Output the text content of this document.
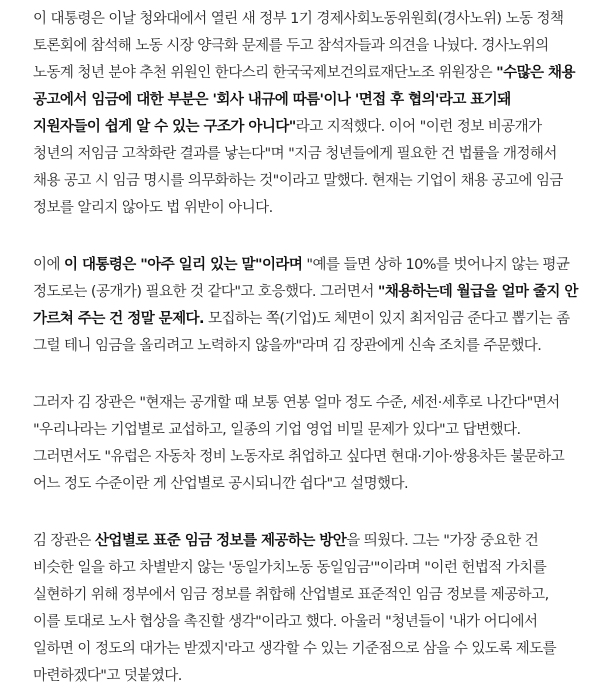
이 대통령은 이날 청와대에서 열린 새 정부 1기 경제사회노동위원회(경사노위) 노동 정책 토론회에 참석해 노동 시장 양극화 문제를 두고 참석자들과 의견을 나눴다. 경사노위의 노동계 청년 분야 추천 위원인 한다스리 한국국제보건의료재단노조 위원장은 "수많은 채용 공고에서 임금에 대한 부분은 '회사 내규에 따름'이나 '면접 후 협의'라고 표기돼 지원자들이 쉽게 알 수 있는 구조가 아니다"라고 지적했다. 이어 "이런 정보 비공개가 청년의 저임금 고착화란 결과를 낳는다"며 "지금 청년들에게 필요한 건 법률을 개정해서 채용 공고 시 임금 명시를 의무화하는 것"이라고 말했다. 현재는 기업이 채용 공고에 임금 정보를 알리지 않아도 법 위반이 아니다.

이에 이 대통령은 "아주 일리 있는 말"이라며 "예를 들면 상하 10%를 벗어나지 않는 평균 정도로는 (공개가) 필요한 것 같다"고 호응했다. 그러면서 "채용하는데 월급을 얼마 줄지 안 가르쳐 주는 건 정말 문제다. 모집하는 쪽(기업)도 체면이 있지 최저임금 준다고 뽑기는 좀 그럴 테니 임금을 올리려고 노력하지 않을까"라며 김 장관에게 신속 조치를 주문했다.

그러자 김 장관은 "현재는 공개할 때 보통 연봉 얼마 정도 수준, 세전·세후로 나간다"면서 "우리나라는 기업별로 교섭하고, 일종의 기업 영업 비밀 문제가 있다"고 답변했다. 그러면서도 "유럽은 자동차 정비 노동자로 취업하고 싶다면 현대·기아·쌍용차든 불문하고 어느 정도 수준이란 게 산업별로 공시되니깐 쉽다"고 설명했다.

김 장관은 산업별로 표준 임금 정보를 제공하는 방안을 띄웠다. 그는 "가장 중요한 건 비슷한 일을 하고 차별받지 않는 '동일가치노동 동일임금'"이라며 "이런 헌법적 가치를 실현하기 위해 정부에서 임금 정보를 취합해 산업별로 표준적인 임금 정보를 제공하고, 이를 토대로 노사 협상을 촉진할 생각"이라고 했다. 아울러 "청년들이 '내가 어디에서 일하면 이 정도의 대가는 받겠지'라고 생각할 수 있는 기준점으로 삼을 수 있도록 제도를 마련하겠다"고 덧붙였다.
